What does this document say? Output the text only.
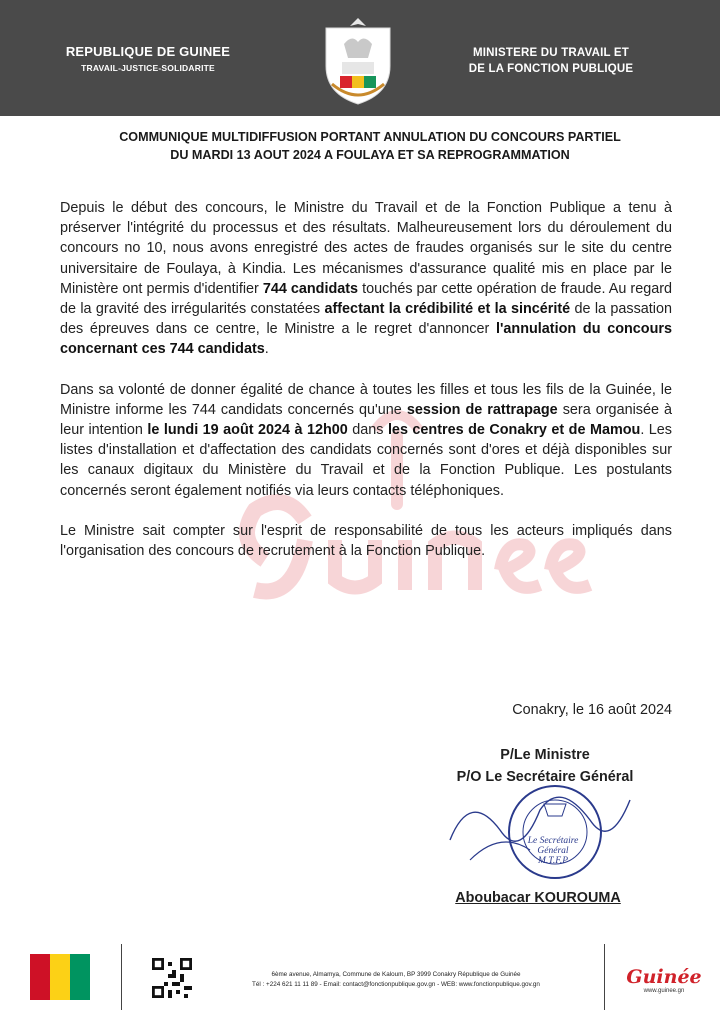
REPUBLIQUE DE GUINEE
TRAVAIL-JUSTICE-SOLIDARITE
MINISTERE DU TRAVAIL ET
DE LA FONCTION PUBLIQUE
COMMUNIQUE MULTIDIFFUSION PORTANT ANNULATION DU CONCOURS PARTIEL
DU MARDI 13 AOUT 2024 A FOULAYA ET SA REPROGRAMMATION

Depuis le début des concours, le Ministre du Travail et de la Fonction Publique a tenu à préserver l'intégrité du processus et des résultats. Malheureusement lors du déroulement du concours no 10, nous avons enregistré des actes de fraudes organisés sur le site du centre universitaire de Foulaya, à Kindia. Les mécanismes d'assurance qualité mis en place par le Ministère ont permis d'identifier 744 candidats touchés par cette opération de fraude. Au regard de la gravité des irrégularités constatées affectant la crédibilité et la sincérité de la passation des épreuves dans ce centre, le Ministre a le regret d'annoncer l'annulation du concours concernant ces 744 candidats.

Dans sa volonté de donner égalité de chance à toutes les filles et tous les fils de la Guinée, le Ministre informe les 744 candidats concernés qu'une session de rattrapage sera organisée à leur intention le lundi 19 août 2024 à 12h00 dans les centres de Conakry et de Mamou. Les listes d'installation et d'affectation des candidats concernés sont d'ores et déjà disponibles sur les canaux digitaux du Ministère du Travail et de la Fonction Publique. Les postulants concernés seront également notifiés via leurs contacts téléphoniques.

Le Ministre sait compter sur l'esprit de responsabilité de tous les acteurs impliqués dans l'organisation des concours de recrutement à la Fonction Publique.

Conakry, le 16 août 2024
P/Le Ministre
P/O Le Secrétaire Général
Le Secrétaire
Général
M.T.F.P
Aboubacar KOUROUMA
6ème avenue, Almamya, Commune de Kaloum, BP 3999 Conakry République de Guinée
Tél : +224 621 11 11 89 - Email: contact@fonctionpublique.gov.gn - WEB: www.fonctionpublique.gov.gn	Guinée
www.guinee.gn
